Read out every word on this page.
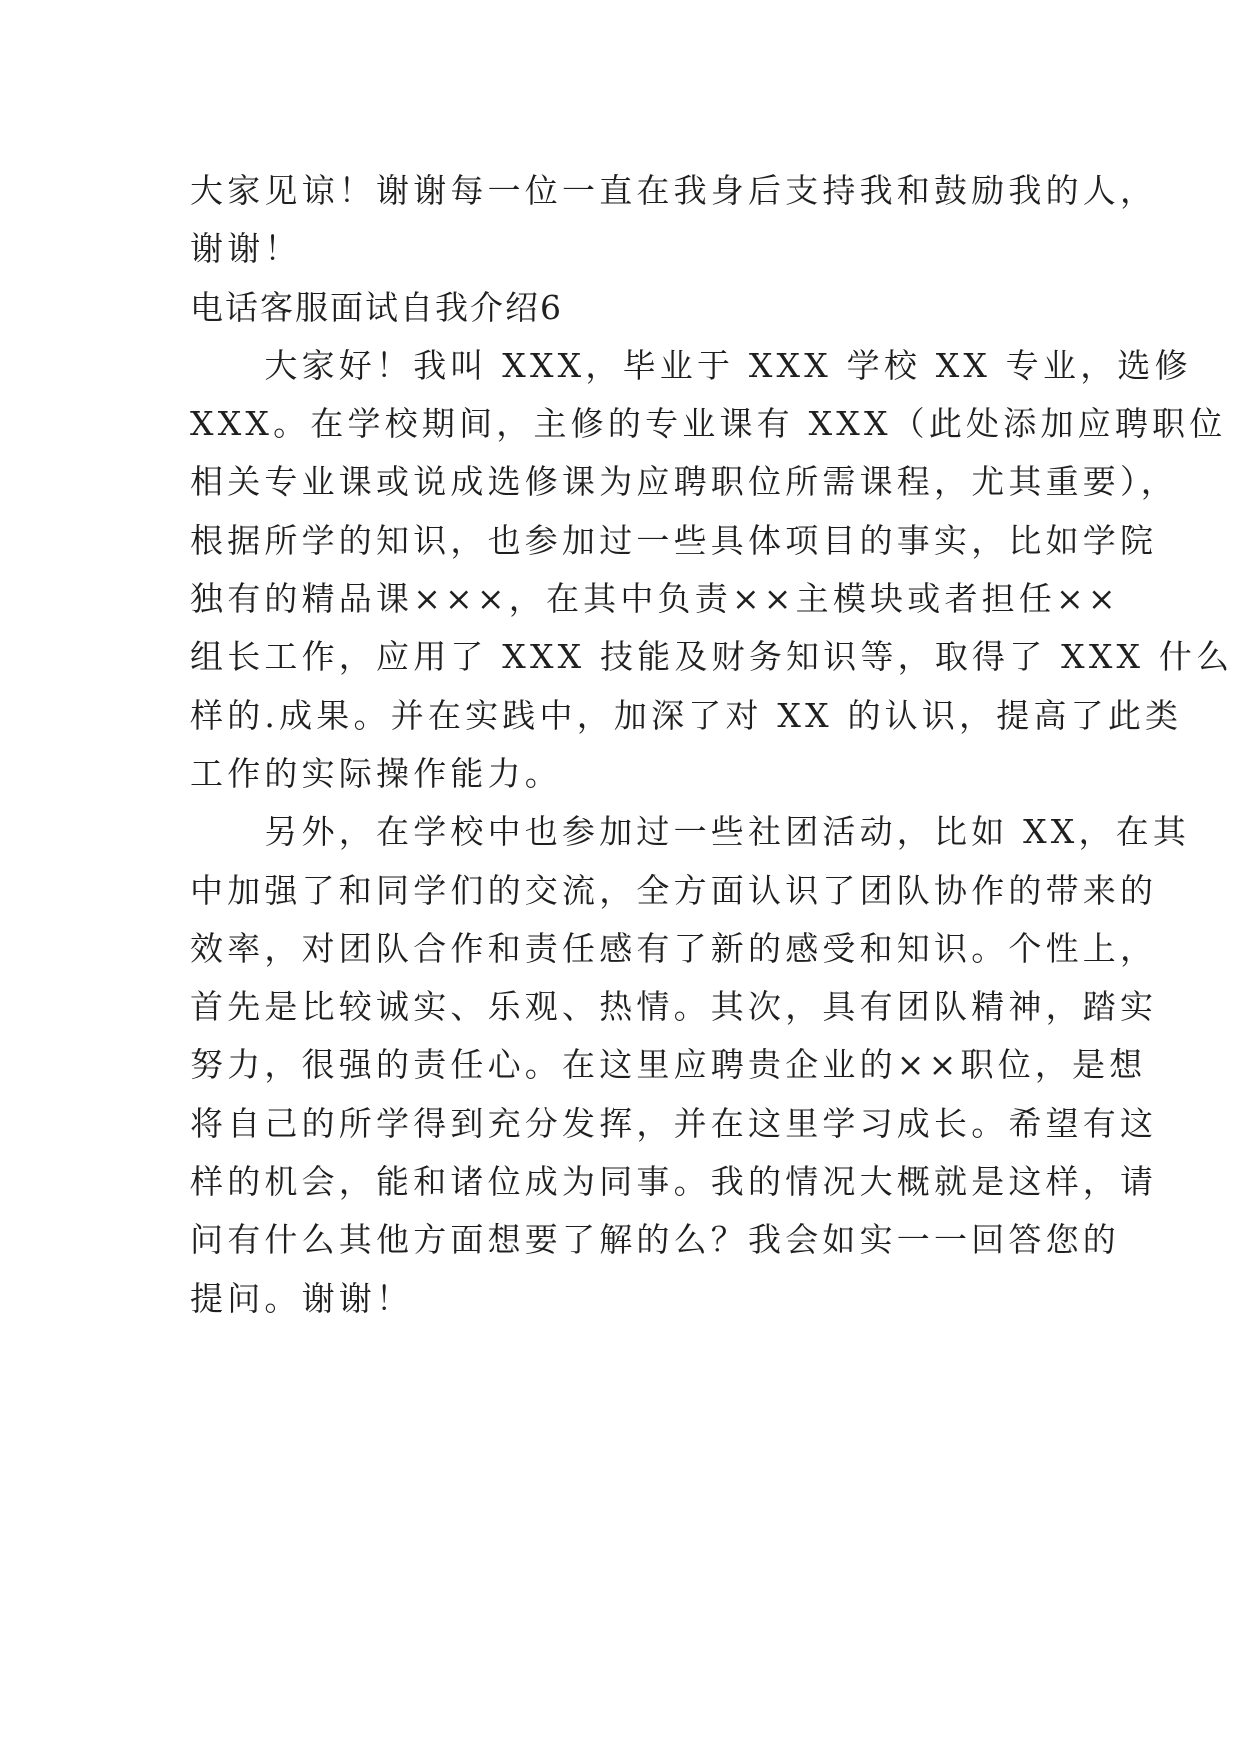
大家见谅！谢谢每一位一直在我身后支持我和鼓励我的人，
谢谢！
电话客服面试自我介绍6
　　大家好！我叫 XXX，毕业于 XXX 学校 XX 专业，选修
XXX。在学校期间，主修的专业课有 XXX（此处添加应聘职位
相关专业课或说成选修课为应聘职位所需课程，尤其重要），
根据所学的知识，也参加过一些具体项目的事实，比如学院
独有的精品课×××，在其中负责××主模块或者担任××
组长工作，应用了 XXX 技能及财务知识等，取得了 XXX 什么
样的.成果。并在实践中，加深了对 XX 的认识，提高了此类
工作的实际操作能力。
　　另外，在学校中也参加过一些社团活动，比如 XX，在其
中加强了和同学们的交流，全方面认识了团队协作的带来的
效率，对团队合作和责任感有了新的感受和知识。个性上，
首先是比较诚实、乐观、热情。其次，具有团队精神，踏实
努力，很强的责任心。在这里应聘贵企业的××职位，是想
将自己的所学得到充分发挥，并在这里学习成长。希望有这
样的机会，能和诸位成为同事。我的情况大概就是这样，请
问有什么其他方面想要了解的么？我会如实一一回答您的
提问。谢谢！
